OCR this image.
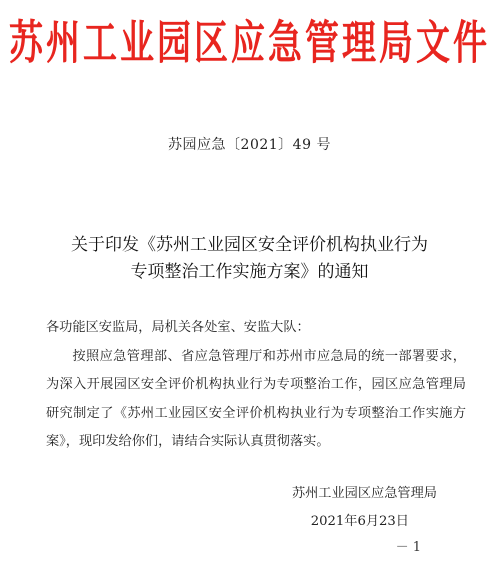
苏州工业园区应急管理局文件
苏园应急〔2021〕49 号
关于印发《苏州工业园区安全评价机构执业行为
专项整治工作实施方案》的通知
各功能区安监局，局机关各处室、安监大队：
按照应急管理部、省应急管理厅和苏州市应急局的统一部署要求，为深入开展园区安全评价机构执业行为专项整治工作，园区应急管理局研究制定了《苏州工业园区安全评价机构执业行为专项整治工作实施方案》，现印发给你们，请结合实际认真贯彻落实。
苏州工业园区应急管理局
2021年6月23日
－ 1
